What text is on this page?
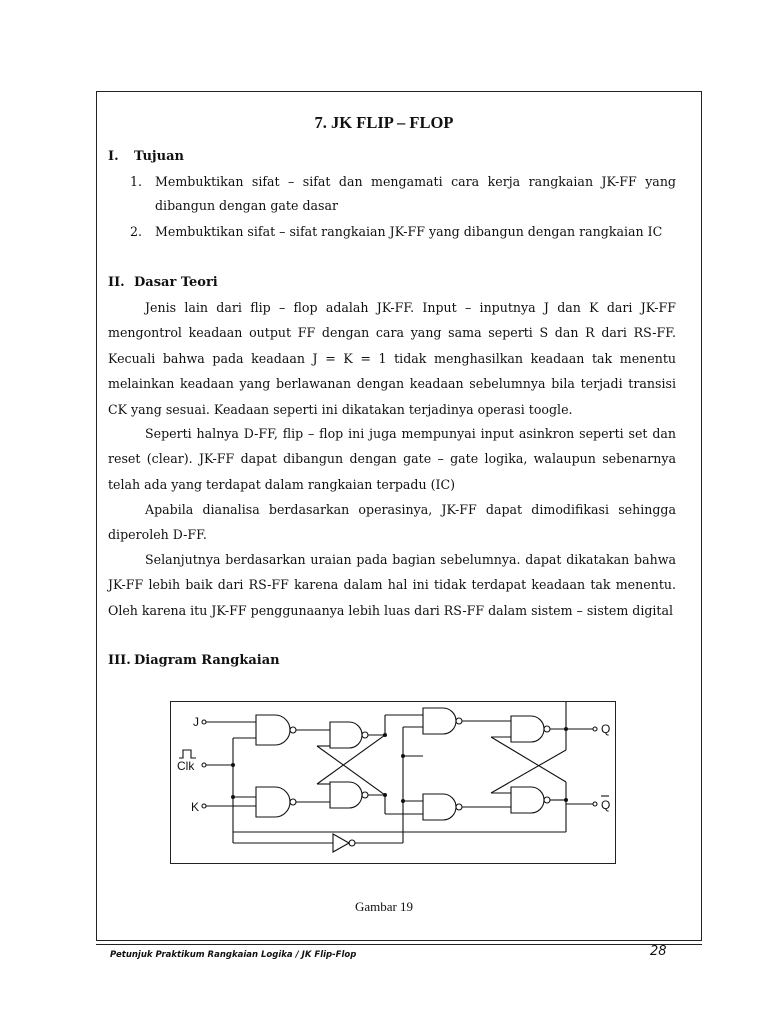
7. JK FLIP – FLOP
I. Tujuan
1. Membuktikan sifat – sifat dan mengamati cara kerja rangkaian JK-FF yang dibangun dengan gate dasar
2. Membuktikan sifat – sifat rangkaian JK-FF yang dibangun dengan rangkaian IC
II. Dasar Teori
Jenis lain dari flip – flop adalah JK-FF. Input – inputnya J dan K dari JK-FF mengontrol keadaan output FF dengan cara yang sama seperti S dan R dari RS-FF. Kecuali bahwa pada keadaan J = K = 1 tidak menghasilkan keadaan tak menentu melainkan keadaan yang berlawanan dengan keadaan sebelumnya bila terjadi transisi CK yang sesuai. Keadaan seperti ini dikatakan terjadinya operasi toogle.
Seperti halnya D-FF, flip – flop ini juga mempunyai input asinkron seperti set dan reset (clear). JK-FF dapat dibangun dengan gate – gate logika, walaupun sebenarnya telah ada yang terdapat dalam rangkaian terpadu (IC)
Apabila dianalisa berdasarkan operasinya, JK-FF dapat dimodifikasi sehingga diperoleh D-FF.
Selanjutnya berdasarkan uraian pada bagian sebelumnya. dapat dikatakan bahwa JK-FF lebih baik dari RS-FF karena dalam hal ini tidak terdapat keadaan tak menentu. Oleh karena itu JK-FF penggunaanya lebih luas dari RS-FF dalam sistem – sistem digital
III. Diagram Rangkaian
J
Clk
K
Q
Q
Gambar 19
Petunjuk Praktikum Rangkaian Logika / JK Flip-Flop	28
